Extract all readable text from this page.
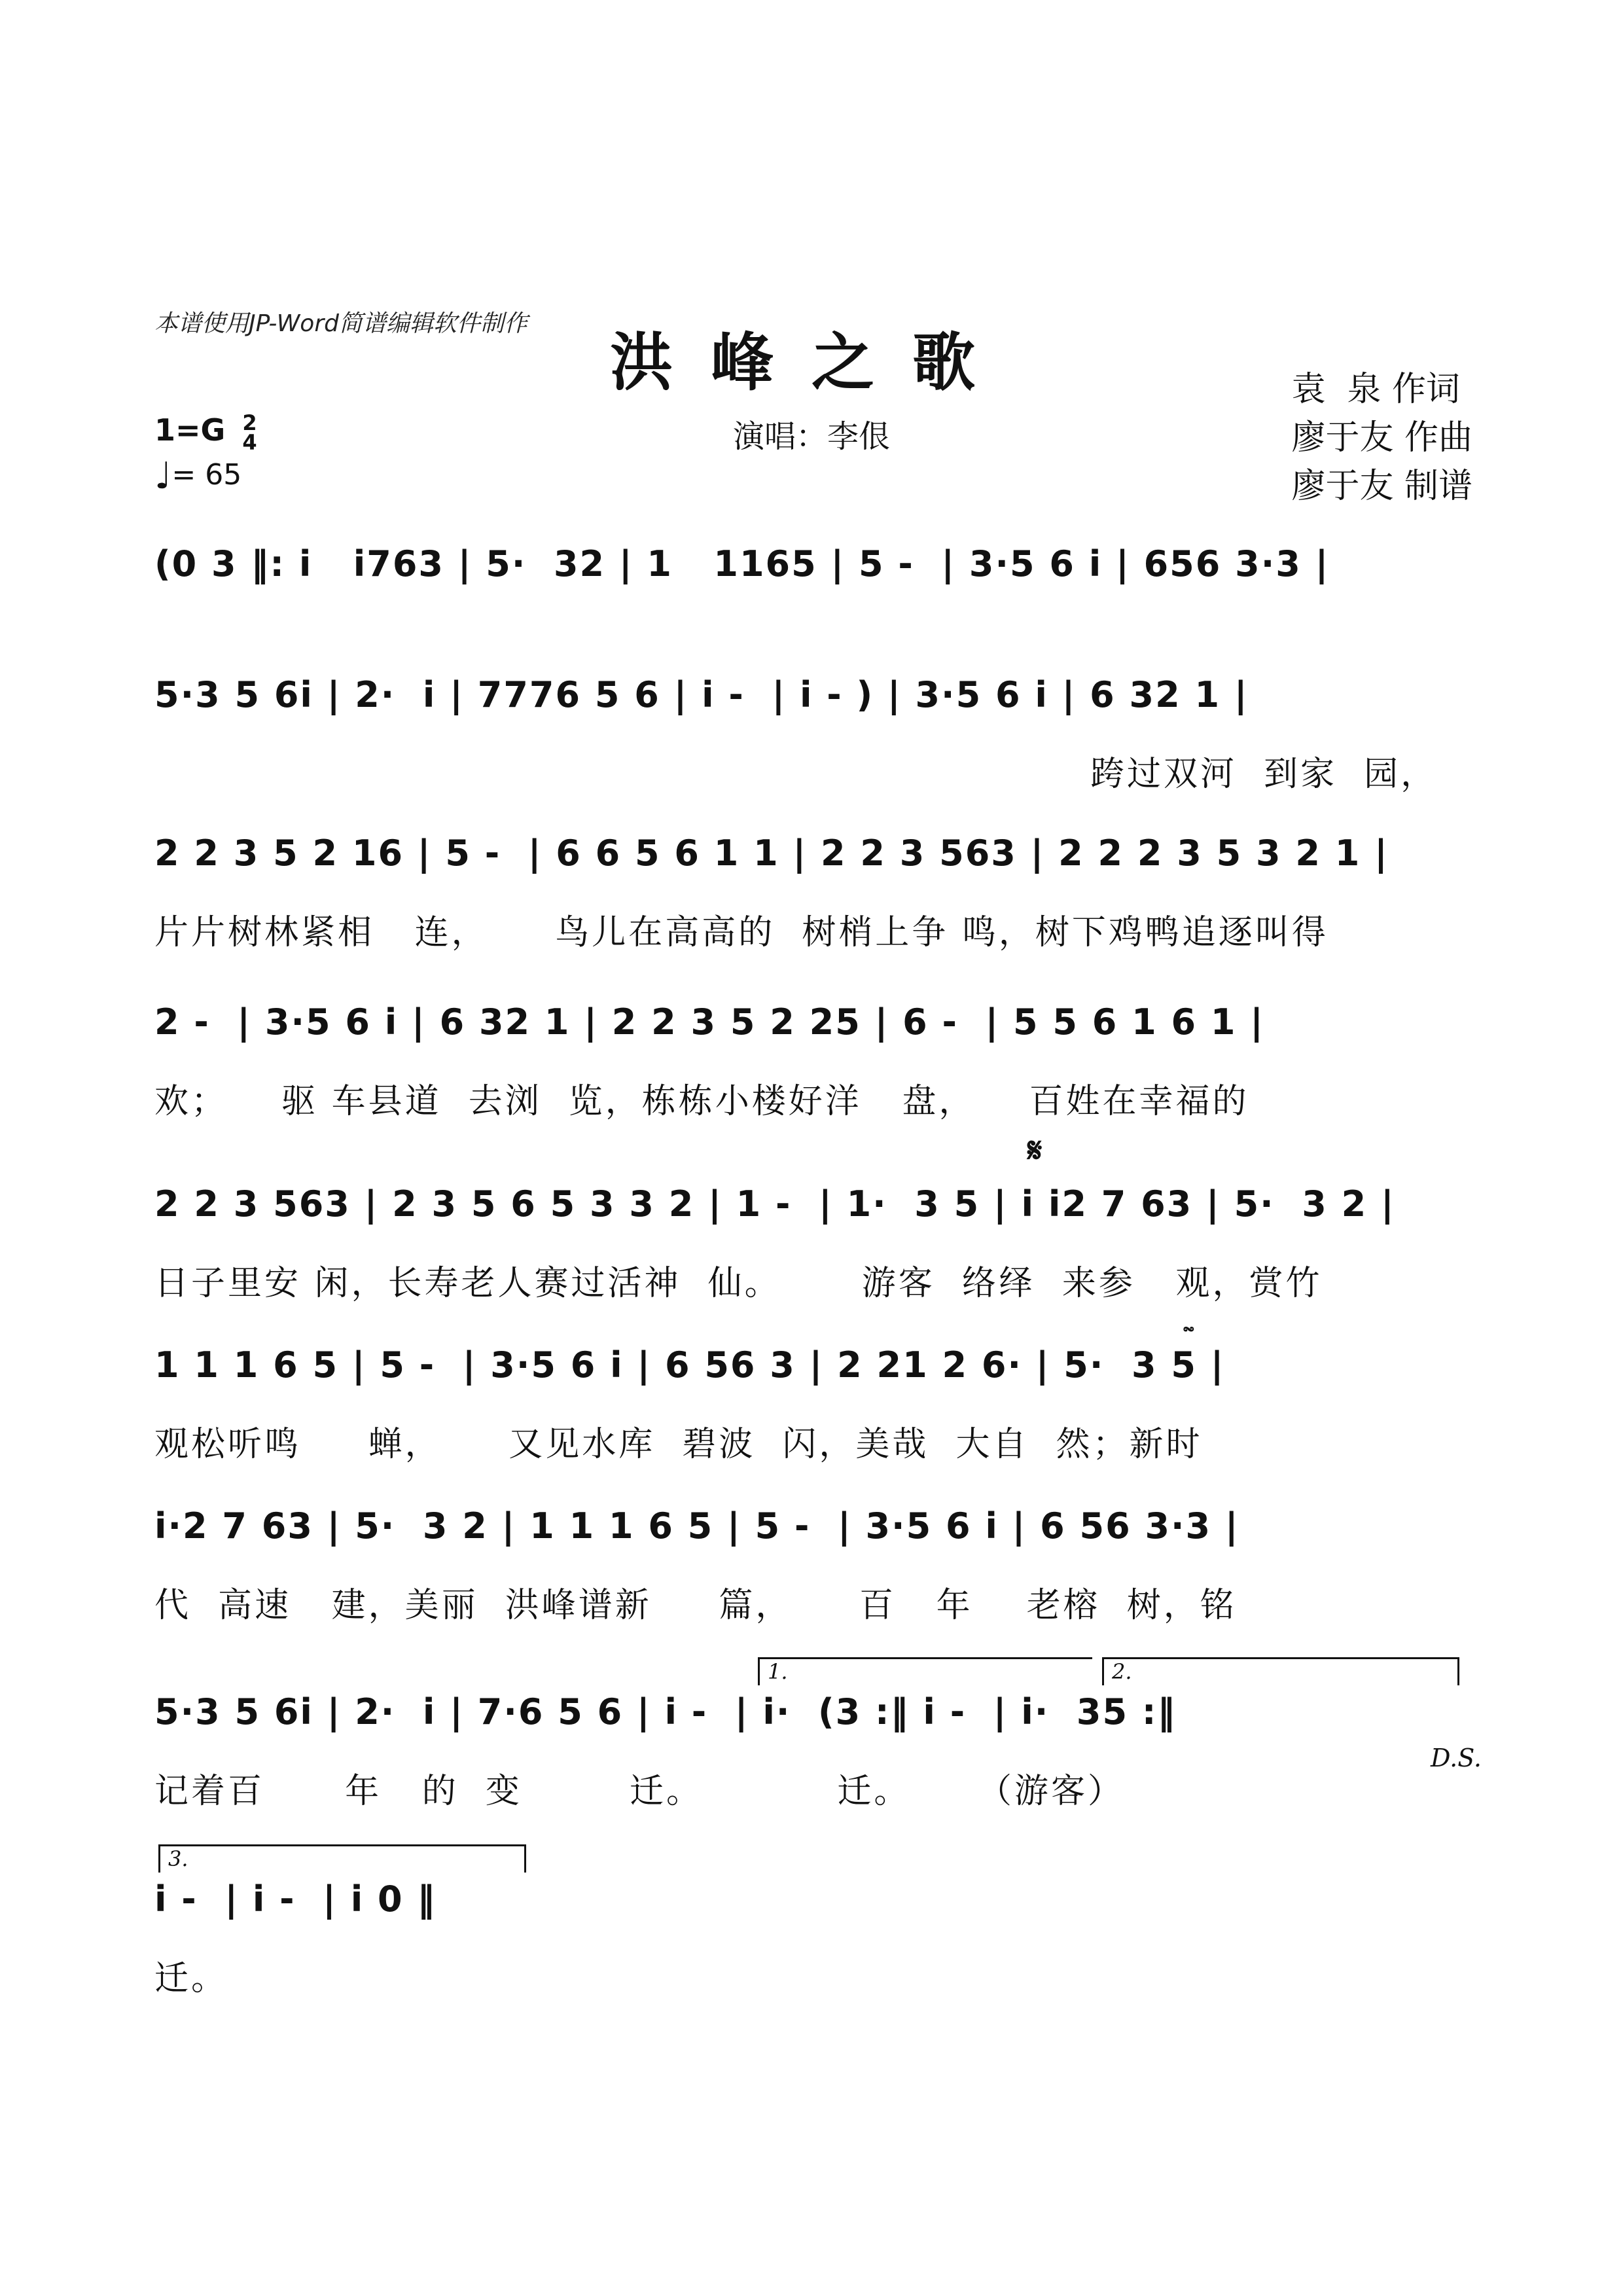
本谱使用JP-Word简谱编辑软件制作
洪峰之歌
演唱：李佷
袁  泉 作词
廖于友 作曲
廖于友 制谱
1=G 2
4
♩= 65
(0 3 ‖: i   i763 | 5·  32 | 1   1165 | 5 -  | 3·5 6 i | 656 3·3 |
5·3 5 6i | 2·  i | 7776 5 6 | i -  | i - ) | 3·5 6 i | 6 32 1 |
跨过双河  到家  园，
2 2 3 5 2 16 | 5 -  | 6 6 5 6 1 1 | 2 2 3 563 | 2 2 2 3 5 3 2 1 |
片片树林紧相   连，     鸟儿在高高的  树梢上争 鸣，树下鸡鸭追逐叫得
2 -  | 3·5 6 i | 6 32 1 | 2 2 3 5 2 25 | 6 -  | 5 5 6 1 6 1 |
欢；    驱 车县道  去浏  览，栋栋小楼好洋   盘，    百姓在幸福的
𝄋
2 2 3 563 | 2 3 5 6 5 3 3 2 | 1 -  | 1·  3 5 | i i2 7 63 | 5·  3 2 |
日子里安 闲，长寿老人赛过活神  仙。      游客  络绎  来参   观，赏竹
𝆗
1 1 1 6 5 | 5 -  | 3·5 6 i | 6 56 3 | 2 21 2 6· | 5·  3 5 |
观松听鸣     蝉，     又见水库  碧波  闪，美哉  大自  然；新时
i·2 7 63 | 5·  3 2 | 1 1 1 6 5 | 5 -  | 3·5 6 i | 6 56 3·3 |
代  高速   建，美丽  洪峰谱新     篇，     百   年    老榕  树，铭
1.	2.
5·3 5 6i | 2·  i | 7·6 5 6 | i -  | i·  (3 :‖ i -  | i·  35 :‖
记着百      年   的  变        迁。          迁。     （游客）
D.S.
3.
i -  | i -  | i 0 ‖
迁。
